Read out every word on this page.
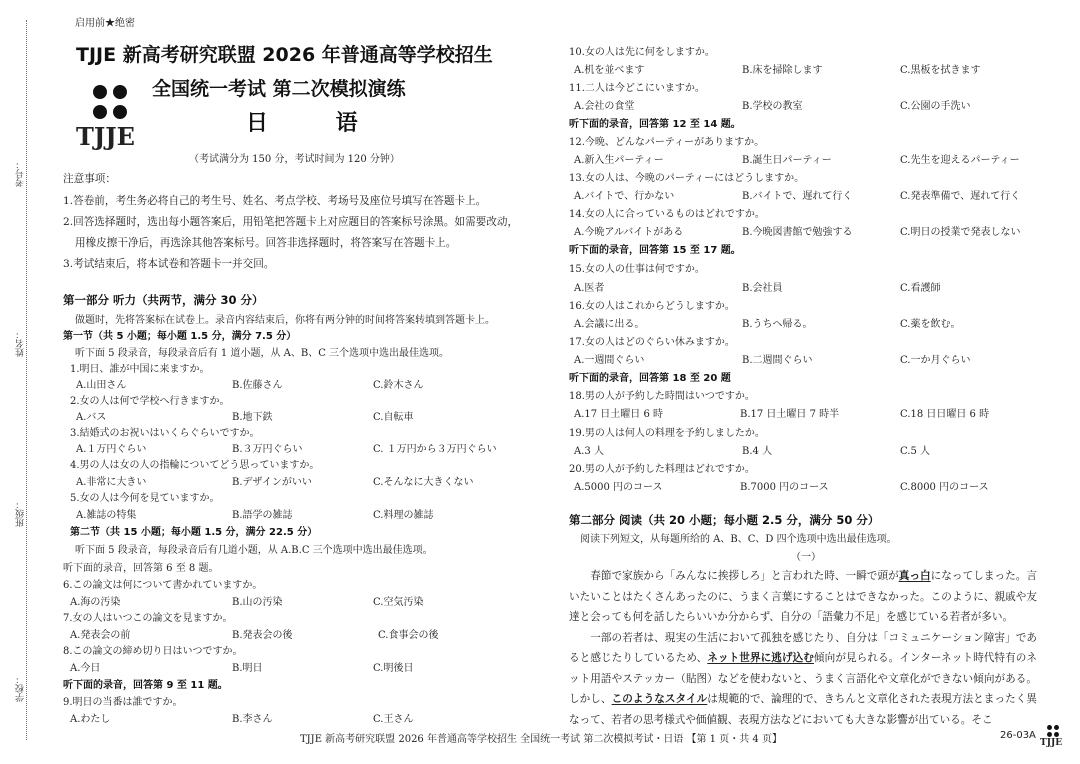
考号：
姓名：
班级：
学校：
启用前★绝密
TJJE 新高考研究联盟 2026 年普通高等学校招生
全国统一考试 第二次模拟演练
日 语
TJJE
（考试满分为 150 分，考试时间为 120 分钟）
注意事项：
1.答卷前，考生务必将自己的考生号、姓名、考点学校、考场号及座位号填写在答题卡上。
2.回答选择题时，选出每小题答案后，用铅笔把答题卡上对应题目的答案标号涂黑。如需要改动，
用橡皮擦干净后，再选涂其他答案标号。回答非选择题时，将答案写在答题卡上。
3.考试结束后，将本试卷和答题卡一并交回。
第一部分 听力（共两节，满分 30 分）
做题时，先将答案标在试卷上。录音内容结束后，你将有两分钟的时间将答案转填到答题卡上。
第一节（共 5 小题；每小题 1.5 分，满分 7.5 分）
听下面 5 段录音，每段录音后有 1 道小题，从 A、B、C 三个选项中选出最佳选项。
1.明日、誰が中国に来ますか。
A.山田さん	B.佐藤さん	C.鈴木さん
2.女の人は何で学校へ行きますか。
A.バス	B.地下鉄	C.自転車
3.結婚式のお祝いはいくらぐらいですか。
A.１万円ぐらい	B.３万円ぐらい	C. １万円から３万円ぐらい
4.男の人は女の人の指輪についてどう思っていますか。
A.非常に大きい	B.デザインがいい	C.そんなに大きくない
5.女の人は今何を見ていますか。
A.雑誌の特集	B.語学の雑誌	C.料理の雑誌
第二节（共 15 小题；每小题 1.5 分，满分 22.5 分）
听下面 5 段录音，每段录音后有几道小题，从 A.B.C 三个选项中选出最佳选项。
听下面的录音，回答第 6 至 8 题。
6.この論文は何について書かれていますか。
A.海の汚染	B.山の汚染	C.空気汚染
7.女の人はいつこの論文を見ますか。
A.発表会の前	B.発表会の後	C.食事会の後
8.この論文の締め切り日はいつですか。
A.今日	B.明日	C.明後日
听下面的录音，回答第 9 至 11 题。
9.明日の当番は誰ですか。
A.わたし	B.李さん	C.王さん
10.女の人は先に何をしますか。
A.机を並べます	B.床を掃除します	C.黒板を拭きます
11.二人は今どこにいますか。
A.会社の食堂	B.学校の教室	C.公園の手洗い
听下面的录音，回答第 12 至 14 题。
12.今晩、どんなパーティーがありますか。
A.新入生パーティー	B.誕生日パーティー	C.先生を迎えるパーティー
13.女の人は、今晩のパーティーにはどうしますか。
A.バイトで、行かない	B.バイトで、遅れて行く	C.発表準備で、遅れて行く
14.女の人に合っているものはどれですか。
A.今晩アルバイトがある	B.今晩図書館で勉強する	C.明日の授業で発表しない
听下面的录音，回答第 15 至 17 题。
15.女の人の仕事は何ですか。
A.医者	B.会社員	C.看護師
16.女の人はこれからどうしますか。
A.会議に出る。	B.うちへ帰る。	C.薬を飲む。
17.女の人はどのぐらい休みますか。
A.一週間ぐらい	B.二週間ぐらい	C.一か月ぐらい
听下面的录音，回答第 18 至 20 题
18.男の人が予約した時間はいつですか。
A.17 日土曜日 6 時	B.17 日土曜日 7 時半	C.18 日日曜日 6 時
19.男の人は何人の料理を予約しましたか。
A.3 人	B.4 人	C.5 人
20.男の人が予約した料理はどれですか。
A.5000 円のコース	B.7000 円のコース	C.8000 円のコース
第二部分 阅读（共 20 小题；每小题 2.5 分，满分 50 分）
阅读下列短文，从每题所给的 A、B、C、D 四个选项中选出最佳选项。
（一）

春節で家族から「みんなに挨拶しろ」と言われた時、一瞬で頭が真っ白になってしまった。言いたいことはたくさんあったのに、うまく言葉にすることはできなかった。このように、親戚や友達と会っても何を話したらいいか分からず、自分の「語彙力不足」を感じている若者が多い。

一部の若者は、現実の生活において孤独を感じたり、自分は「コミュニケーション障害」であると感じたりしているため、ネット世界に逃げ込む傾向が見られる。インターネット時代特有のネット用語やステッカー（貼图）などを使わないと、うまく言語化や文章化ができない傾向がある。しかし、このようなスタイルは規範的で、論理的で、きちんと文章化された表現方法とまったく異なって、若者の思考様式や価値観、表現方法などにおいても大きな影響が出ている。そこ

TJJE 新高考研究联盟 2026 年普通高等学校招生 全国统一考试 第二次模拟考试・日语 【第 1 页・共 4 页】	26-03A
TJJE
